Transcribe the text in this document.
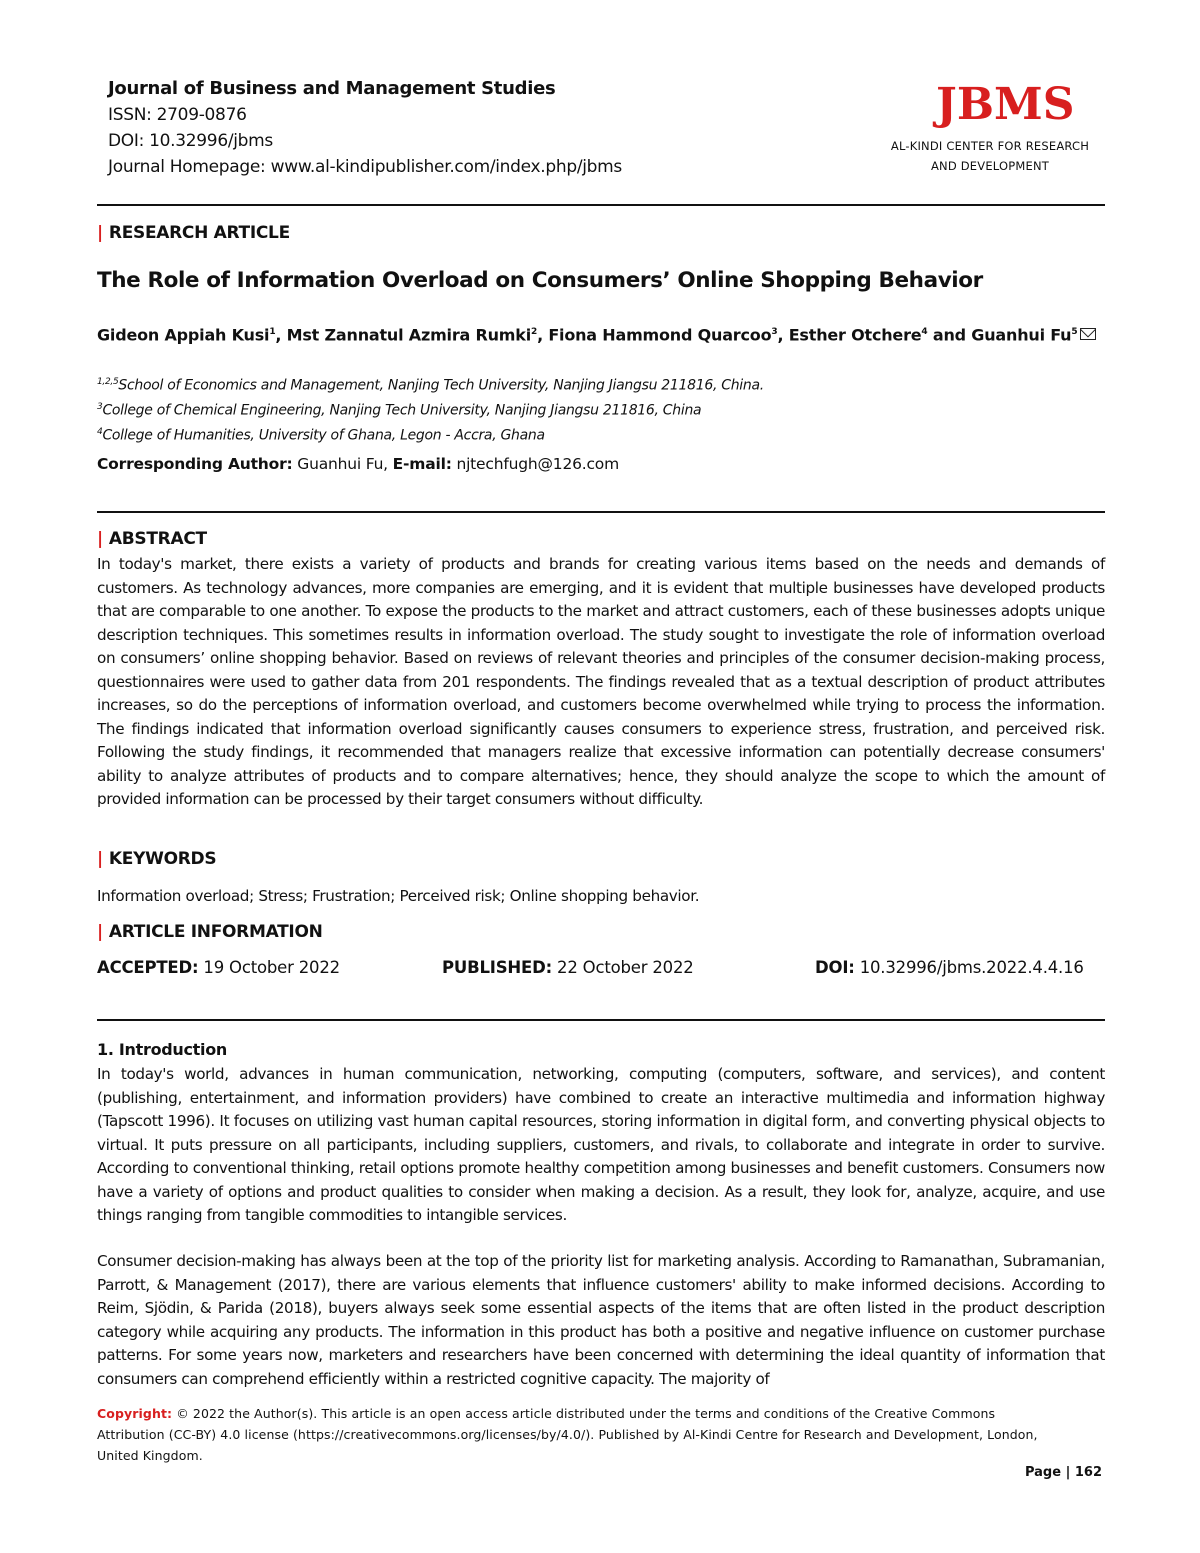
Journal of Business and Management Studies
ISSN: 2709-0876
DOI: 10.32996/jbms
Journal Homepage: www.al-kindipublisher.com/index.php/jbms
JBMS
AL-KINDI CENTER FOR RESEARCH
AND DEVELOPMENT
| RESEARCH ARTICLE
The Role of Information Overload on Consumers’ Online Shopping Behavior
Gideon Appiah Kusi$^1$, Mst Zannatul Azmira Rumki$^2$, Fiona Hammond Quarcoo$^3$, Esther Otchere$^4$ and Guanhui Fu$^5$
$^{1,2,5}$School of Economics and Management, Nanjing Tech University, Nanjing Jiangsu 211816, China.
$^3$College of Chemical Engineering, Nanjing Tech University, Nanjing Jiangsu 211816, China
$^4$College of Humanities, University of Ghana, Legon - Accra, Ghana
Corresponding Author: Guanhui Fu, E-mail: njtechfugh@126.com
| ABSTRACT
In today's market, there exists a variety of products and brands for creating various items based on the needs and demands of customers. As technology advances, more companies are emerging, and it is evident that multiple businesses have developed products that are comparable to one another. To expose the products to the market and attract customers, each of these businesses adopts unique description techniques. This sometimes results in information overload. The study sought to investigate the role of information overload on consumers’ online shopping behavior. Based on reviews of relevant theories and principles of the consumer decision-making process, questionnaires were used to gather data from 201 respondents. The findings revealed that as a textual description of product attributes increases, so do the perceptions of information overload, and customers become overwhelmed while trying to process the information. The findings indicated that information overload significantly causes consumers to experience stress, frustration, and perceived risk. Following the study findings, it recommended that managers realize that excessive information can potentially decrease consumers' ability to analyze attributes of products and to compare alternatives; hence, they should analyze the scope to which the amount of provided information can be processed by their target consumers without difficulty.
| KEYWORDS
Information overload; Stress; Frustration; Perceived risk; Online shopping behavior.
| ARTICLE INFORMATION
ACCEPTED: 19 October 2022	PUBLISHED: 22 October 2022	DOI: 10.32996/jbms.2022.4.4.16
1. Introduction
In today's world, advances in human communication, networking, computing (computers, software, and services), and content (publishing, entertainment, and information providers) have combined to create an interactive multimedia and information highway (Tapscott 1996). It focuses on utilizing vast human capital resources, storing information in digital form, and converting physical objects to virtual. It puts pressure on all participants, including suppliers, customers, and rivals, to collaborate and integrate in order to survive. According to conventional thinking, retail options promote healthy competition among businesses and benefit customers. Consumers now have a variety of options and product qualities to consider when making a decision. As a result, they look for, analyze, acquire, and use things ranging from tangible commodities to intangible services.
Consumer decision-making has always been at the top of the priority list for marketing analysis. According to Ramanathan, Subramanian, Parrott, & Management (2017), there are various elements that influence customers' ability to make informed decisions. According to Reim, Sjödin, & Parida (2018), buyers always seek some essential aspects of the items that are often listed in the product description category while acquiring any products. The information in this product has both a positive and negative influence on customer purchase patterns. For some years now, marketers and researchers have been concerned with determining the ideal quantity of information that consumers can comprehend efficiently within a restricted cognitive capacity. The majority of
Copyright: © 2022 the Author(s). This article is an open access article distributed under the terms and conditions of the Creative Commons Attribution (CC-BY) 4.0 license (https://creativecommons.org/licenses/by/4.0/). Published by Al-Kindi Centre for Research and Development, London, United Kingdom.
Page | 162
